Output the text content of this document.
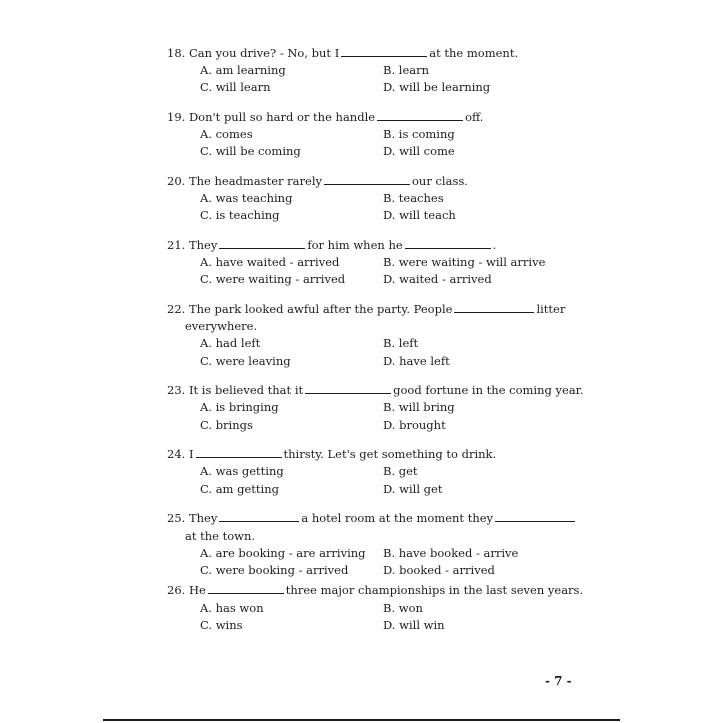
18. Can you drive? - No, but I	at the moment.
A. am learning	B. learn
C. will learn	D. will be learning
19. Don't pull so hard or the handle	off.
A. comes	B. is coming
C. will be coming	D. will come
20. The headmaster rarely	our class.
A. was teaching	B. teaches
C. is teaching	D. will teach
21. They	for him when he	.
A. have waited - arrived	B. were waiting - will arrive
C. were waiting - arrived	D. waited - arrived
22. The park looked awful after the party. People	litter
everywhere.
A. had left	B. left
C. were leaving	D. have left
23. It is believed that it	good fortune in the coming year.
A. is bringing	B. will bring
C. brings	D. brought
24. I	thirsty. Let's get something to drink.
A. was getting	B. get
C. am getting	D. will get
25. They	a hotel room at the moment they
at the town.
A. are booking - are arriving B. have booked - arrive
C. were booking - arrived	D. booked - arrived
26. He	three major championships in the last seven years.
A. has won	B. won
C. wins	D. will win
- 7 -
